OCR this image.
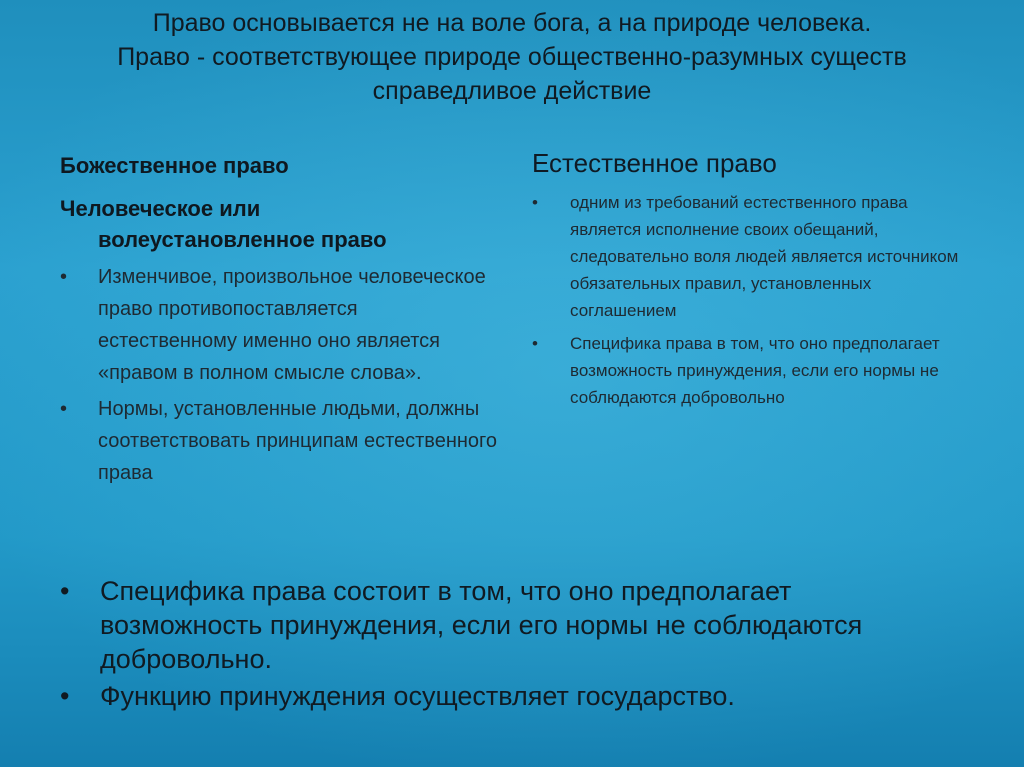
Право основывается не на воле бога, а на природе человека.
Право - соответствующее природе общественно-разумных существ
справедливое действие
Божественное право
Человеческое или
волеустановленное право
• Изменчивое, произвольное человеческое право противопоставляется естественному именно оно является «правом в полном смысле слова».
• Нормы, установленные людьми, должны соответствовать принципам естественного права
Естественное право
• одним из требований естественного права является исполнение своих обещаний, следовательно воля людей является источником обязательных правил, установленных соглашением
• Специфика права в том, что оно предполагает возможность принуждения, если его нормы не соблюдаются добровольно
• Специфика права состоит в том, что оно предполагает возможность принуждения, если его нормы не соблюдаются добровольно.
• Функцию принуждения осуществляет государство.
